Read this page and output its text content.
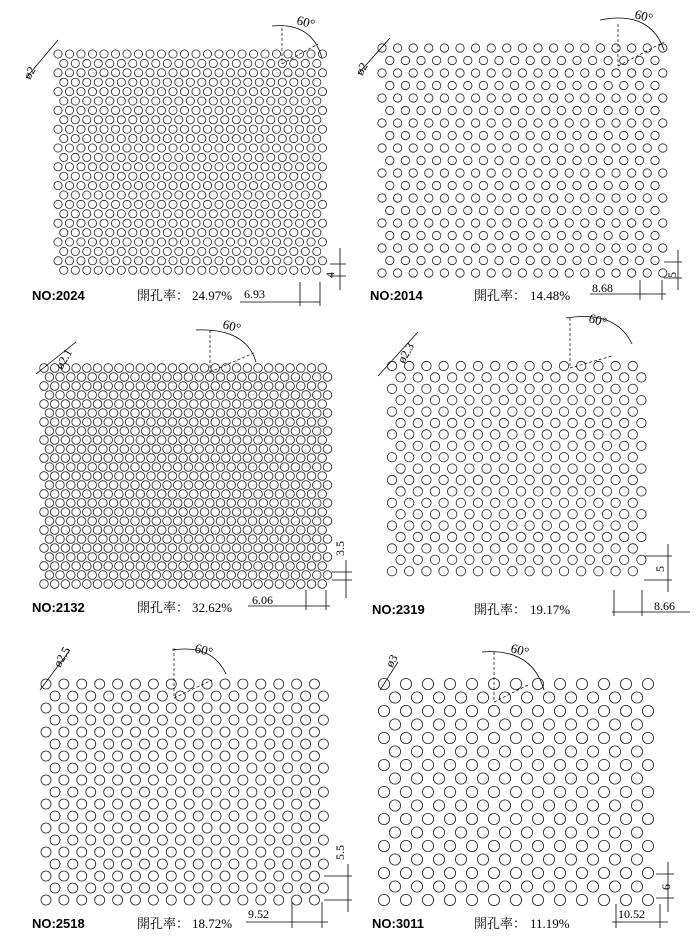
NO:2024	開孔率： 24.97%
ø2
6.93
4
60°
NO:2014	開孔率： 14.48%
ø2
8.68
5
60°
NO:2132	開孔率： 32.62%
ø2.1
6.06
3.5
60°
NO:2319	開孔率： 19.17%
ø2.3
8.66
5
60°
NO:2518	開孔率： 18.72%
ø2.5
9.52
5.5
60°
NO:3011	開孔率： 11.19%
ø3
10.52
6
60°
